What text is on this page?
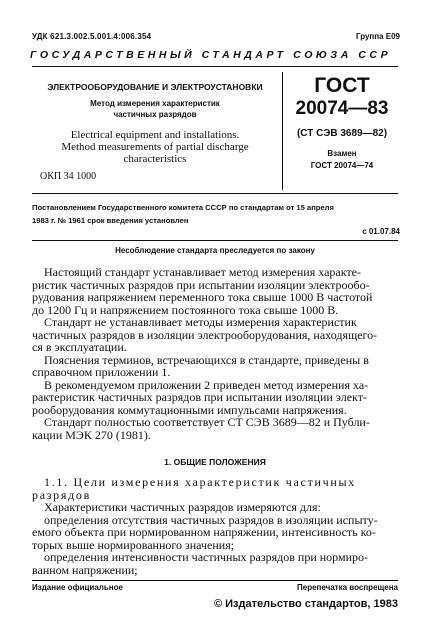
УДК 621.3.002.5.001.4:006.354	Группа Е09
ГОСУДАРСТВЕННЫЙ СТАНДАРТ СОЮЗА ССР
ЭЛЕКТРООБОРУДОВАНИЕ И ЭЛЕКТРОУСТАНОВКИ
Метод измерения характеристик
частичных разрядов
Electrical equipment and installations.
Method measurements of partial discharge
characteristics
ОКП 34 1000
ГОСТ
20074—83
(СТ СЭВ 3689—82)
Взамен
ГОСТ 20074—74
Постановлением Государственного комитета СССР по стандартам от 15 апреля
1983 г. № 1961 срок введения установлен
с 01.07.84
Несоблюдение стандарта преследуется по закону
Настоящий стандарт устанавливает метод измерения характе-
ристик частичных разрядов при испытании изоляции электрообо-
рудования напряжением переменного тока свыше 1000 В частотой
до 1200 Гц и напряжением постоянного тока свыше 1000 В.
Стандарт не устанавливает методы измерения характеристик
частичных разрядов в изоляции электрооборудования, находящего-
ся в эксплуатации.
Пояснения терминов, встречающихся в стандарте, приведены в
справочном приложении 1.
В рекомендуемом приложении 2 приведен метод измерения ха-
рактеристик частичных разрядов при испытании изоляции элект-
рооборудования коммутационными импульсами напряжения.
Стандарт полностью соответствует СТ СЭВ 3689—82 и Публи-
кации МЭК 270 (1981).
1. ОБЩИЕ ПОЛОЖЕНИЯ
1.1. Цели измерения характеристик частичных
разрядов
Характеристики частичных разрядов измеряются для:
определения отсутствия частичных разрядов в изоляции испыту-
емого объекта при нормированном напряжении, интенсивность ко-
торых выше нормированного значения;
определения интенсивности частичных разрядов при нормиро-
ванном напряжении;
Издание официальное	Перепечатка воспрещена
© Издательство стандартов, 1983
